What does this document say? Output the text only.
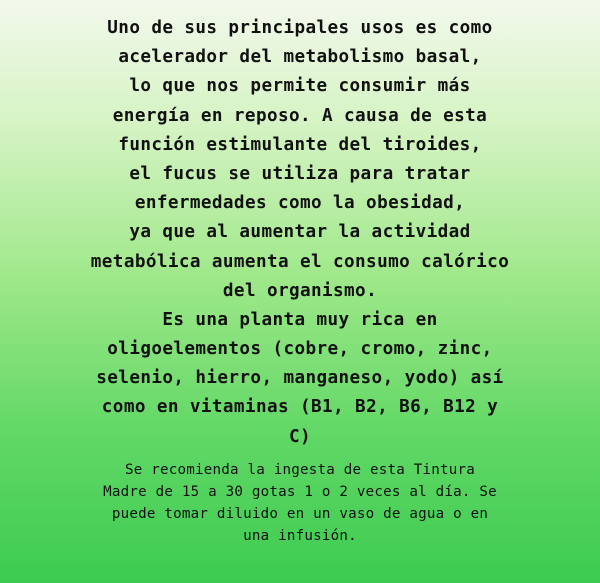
Uno de sus principales usos es como
acelerador del metabolismo basal,
lo que nos permite consumir más
energía en reposo. A causa de esta
función estimulante del tiroides,
el fucus se utiliza para tratar
enfermedades como la obesidad,
ya que al aumentar la actividad
metabólica aumenta el consumo calórico
del organismo.
Es una planta muy rica en
oligoelementos (cobre, cromo, zinc,
selenio, hierro, manganeso, yodo) así
como en vitaminas (B1, B2, B6, B12 y
C)
Se recomienda la ingesta de esta Tintura
Madre de 15 a 30 gotas 1 o 2 veces al día. Se
puede tomar diluido en un vaso de agua o en
una infusión.
